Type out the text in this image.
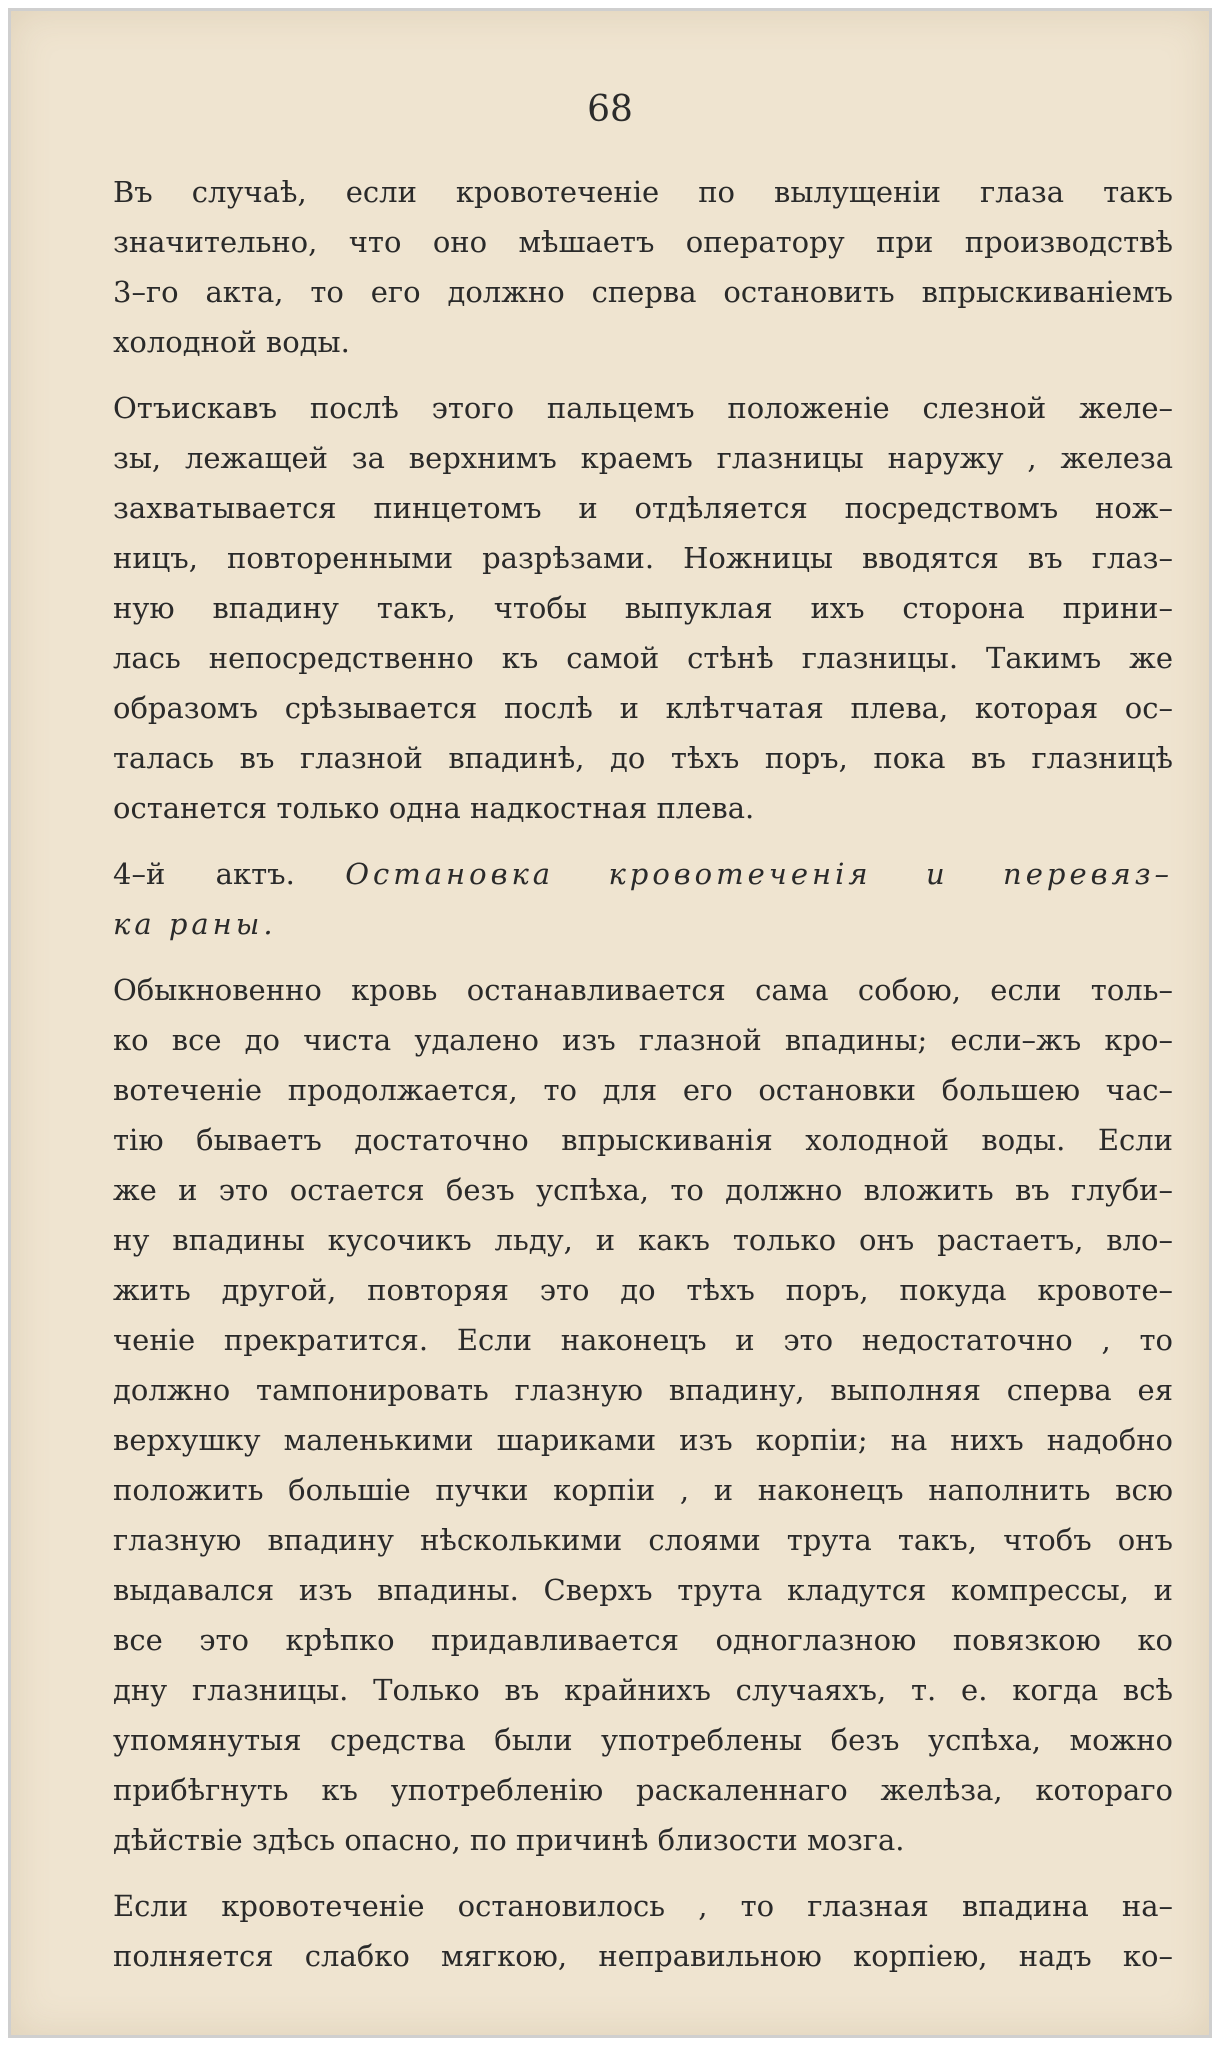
68
Въ случаѣ, если кровотеченіе по вылущеніи глаза такъ
значительно, что оно мѣшаетъ оператору при производствѣ
3–го акта, то его должно сперва остановить впрыскиваніемъ
холодной воды.
Отъискавъ послѣ этого пальцемъ положеніе слезной желе–
зы, лежащей за верхнимъ краемъ глазницы наружу , железа
захватывается пинцетомъ и отдѣляется посредствомъ нож–
ницъ, повторенными разрѣзами. Ножницы вводятся въ глаз–
ную впадину такъ, чтобы выпуклая ихъ сторона прини–
лась непосредственно къ самой стѣнѣ глазницы. Такимъ же
образомъ срѣзывается послѣ и клѣтчатая плева, которая ос–
талась въ глазной впадинѣ, до тѣхъ поръ, пока въ глазницѣ
останется только одна надкостная плева.
4–й актъ. Остановка кровотеченія и перевяз–
ка раны.
Обыкновенно кровь останавливается сама собою, если толь–
ко все до чиста удалено изъ глазной впадины; если–жъ кро–
вотеченіе продолжается, то для его остановки большею час–
тію бываетъ достаточно впрыскиванія холодной воды. Если
же и это остается безъ успѣха, то должно вложить въ глуби–
ну впадины кусочикъ льду, и какъ только онъ растаетъ, вло–
жить другой, повторяя это до тѣхъ поръ, покуда кровоте–
ченіе прекратится. Если наконецъ и это недостаточно , то
должно тампонировать глазную впадину, выполняя сперва ея
верхушку маленькими шариками изъ корпіи; на нихъ надобно
положить большіе пучки корпіи , и наконецъ наполнить всю
глазную впадину нѣсколькими слоями трута такъ, чтобъ онъ
выдавался изъ впадины. Сверхъ трута кладутся компрессы, и
все это крѣпко придавливается одноглазною повязкою ко
дну глазницы. Только въ крайнихъ случаяхъ, т. е. когда всѣ
упомянутыя средства были употреблены безъ успѣха, можно
прибѣгнуть къ употребленію раскаленнаго желѣза, котораго
дѣйствіе здѣсь опасно, по причинѣ близости мозга.
Если кровотеченіе остановилось , то глазная впадина на–
полняется слабко мягкою, неправильною корпіею, надъ ко–
